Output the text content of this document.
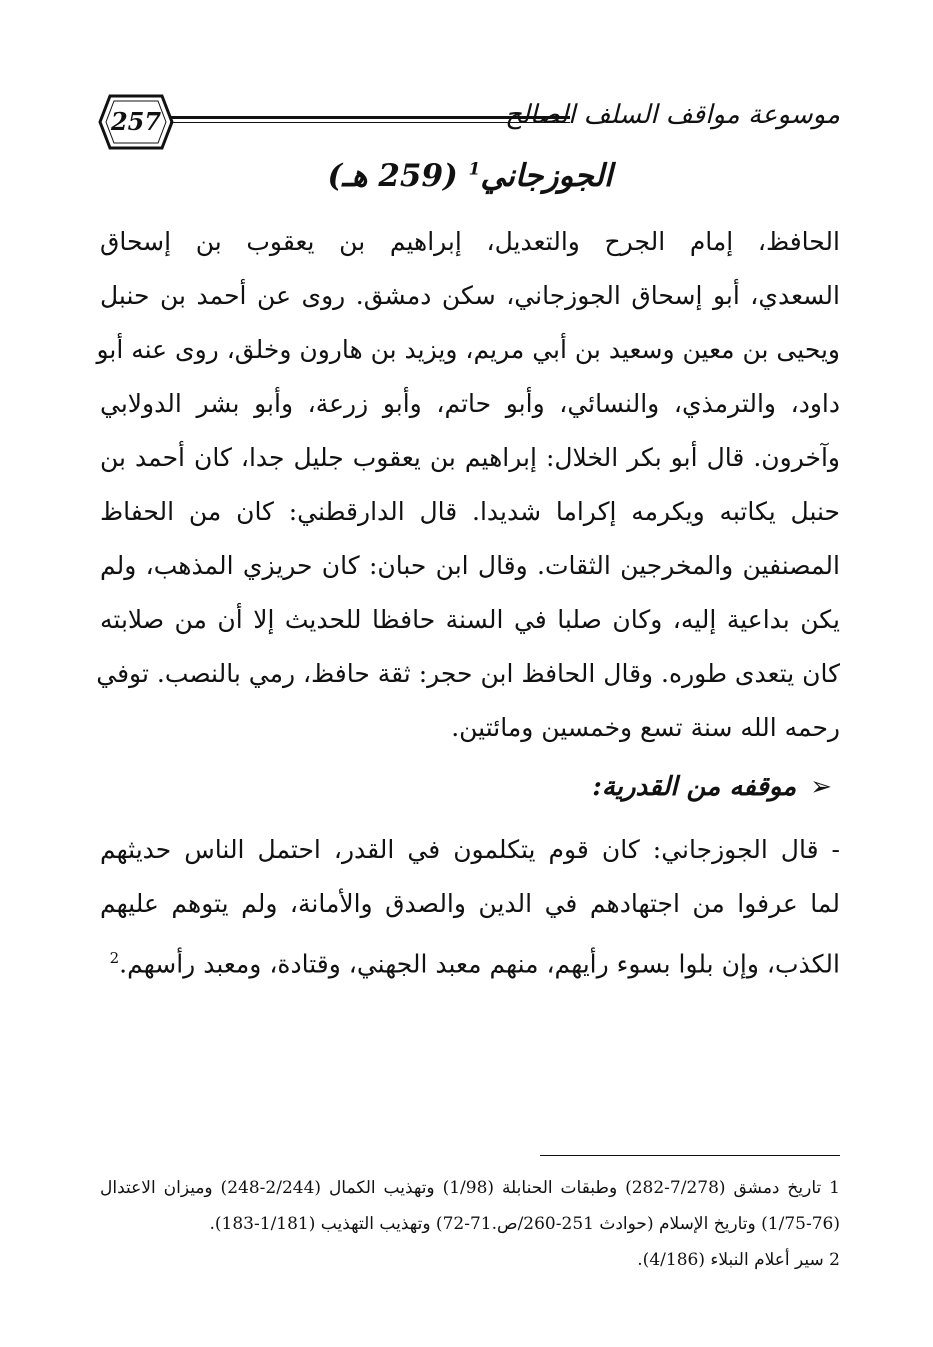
257	موسوعة مواقف السلف الصالح
الجوزجاني$^1$ (259 هـ)
الحافظ، إمام الجرح والتعديل، إبراهيم بن يعقوب بن إسحاق
السعدي، أبو إسحاق الجوزجاني، سكن دمشق. روى عن أحمد بن حنبل
ويحيى بن معين وسعيد بن أبي مريم، ويزيد بن هارون وخلق، روى عنه أبو
داود، والترمذي، والنسائي، وأبو حاتم، وأبو زرعة، وأبو بشر الدولابي
وآخرون. قال أبو بكر الخلال: إبراهيم بن يعقوب جليل جدا، كان أحمد بن
حنبل يكاتبه ويكرمه إكراما شديدا. قال الدارقطني: كان من الحفاظ
المصنفين والمخرجين الثقات. وقال ابن حبان: كان حريزي المذهب، ولم
يكن بداعية إليه، وكان صلبا في السنة حافظا للحديث إلا أن من صلابته
كان يتعدى طوره. وقال الحافظ ابن حجر: ثقة حافظ، رمي بالنصب. توفي
رحمه الله سنة تسع وخمسين ومائتين.
➢موقفه من القدرية:
- قال الجوزجاني: كان قوم يتكلمون في القدر، احتمل الناس حديثهم
لما عرفوا من اجتهادهم في الدين والصدق والأمانة، ولم يتوهم عليهم
الكذب، وإن بلوا بسوء رأيهم، منهم معبد الجهني، وقتادة، ومعبد رأسهم.$^2$
1 تاريخ دمشق (7/278-282) وطبقات الحنابلة (1/98) وتهذيب الكمال (2/244-248) وميزان الاعتدال
(1/75-76) وتاريخ الإسلام (حوادث 251-260/ص.71-72) وتهذيب التهذيب (1/181-183).
2 سير أعلام النبلاء (4/186).
